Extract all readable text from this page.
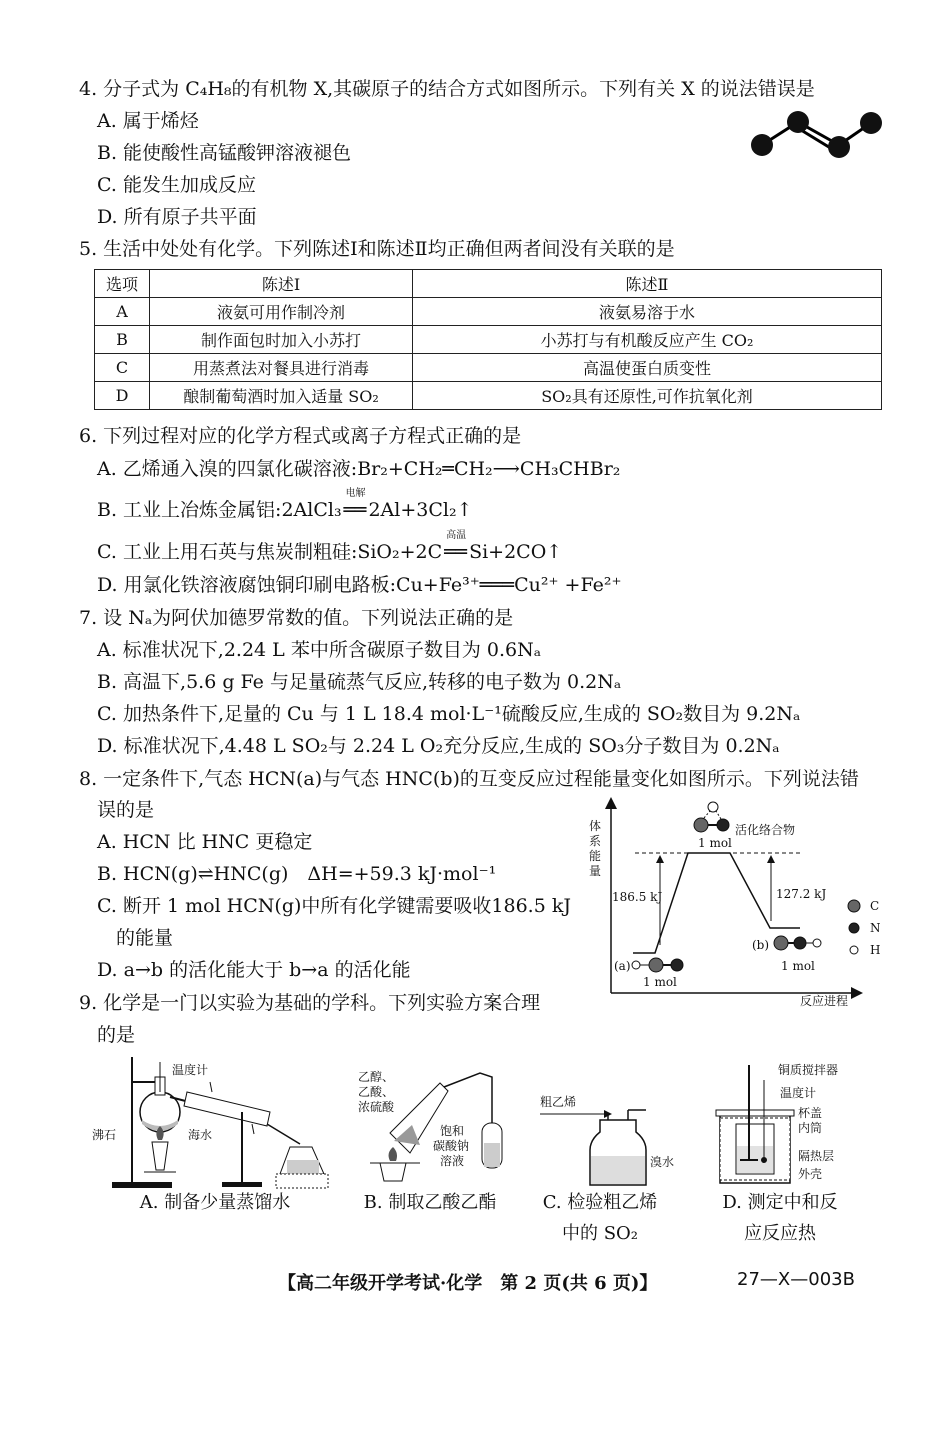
4. 分子式为 C₄H₈的有机物 X,其碳原子的结合方式如图所示。下列有关 X 的说法错误是
A. 属于烯烃
B. 能使酸性高锰酸钾溶液褪色
C. 能发生加成反应
D. 所有原子共平面
5. 生活中处处有化学。下列陈述Ⅰ和陈述Ⅱ均正确但两者间没有关联的是
选项	陈述Ⅰ	陈述Ⅱ
A	液氨可用作制冷剂	液氨易溶于水
B	制作面包时加入小苏打	小苏打与有机酸反应产生 CO₂
C	用蒸煮法对餐具进行消毒	高温使蛋白质变性
D	酿制葡萄酒时加入适量 SO₂	SO₂具有还原性,可作抗氧化剂
6. 下列过程对应的化学方程式或离子方程式正确的是
A. 乙烯通入溴的四氯化碳溶液:Br₂+CH₂═CH₂⟶CH₃CHBr₂
B. 工业上冶炼金属铝:2AlCl₃
电解
══ 2Al+3Cl₂↑
C. 工业上用石英与焦炭制粗硅:SiO₂+2C
高温
══ Si+2CO↑
D. 用氯化铁溶液腐蚀铜印刷电路板:Cu+Fe³⁺═══Cu²⁺ +Fe²⁺
7. 设 Nₐ为阿伏加德罗常数的值。下列说法正确的是
A. 标准状况下,2.24 L 苯中所含碳原子数目为 0.6Nₐ
B. 高温下,5.6 g Fe 与足量硫蒸气反应,转移的电子数为 0.2Nₐ
C. 加热条件下,足量的 Cu 与 1 L 18.4 mol·L⁻¹硫酸反应,生成的 SO₂数目为 9.2Nₐ
D. 标准状况下,4.48 L SO₂与 2.24 L O₂充分反应,生成的 SO₃分子数目为 0.2Nₐ
8. 一定条件下,气态 HCN(a)与气态 HNC(b)的互变反应过程能量变化如图所示。下列说法错
误的是
A. HCN 比 HNC 更稳定
B. HCN(g)⇌HNC(g)　ΔH=+59.3 kJ·mol⁻¹
C. 断开 1 mol HCN(g)中所有化学键需要吸收186.5 kJ
　的能量
D. a→b 的活化能大于 b→a 的活化能
体
系
能
量
反应进程
186.5 kJ	127.2 kJ
活化络合物
1 mol
(a)
1 mol
(b)
1 mol
C
N
H
9. 化学是一门以实验为基础的学科。下列实验方案合理
的是
温度计
沸石	海水
乙醇、
乙酸、
浓硫酸
饱和
碳酸钠
溶液
粗乙烯
溴水
铜质搅拌器
温度计
杯盖
内筒
隔热层
外壳
A. 制备少量蒸馏水	B. 制取乙酸乙酯	C. 检验粗乙烯
中的 SO₂
D. 测定中和反
应反应热
【高二年级开学考试·化学　第 2 页(共 6 页)】	27—X—003B
